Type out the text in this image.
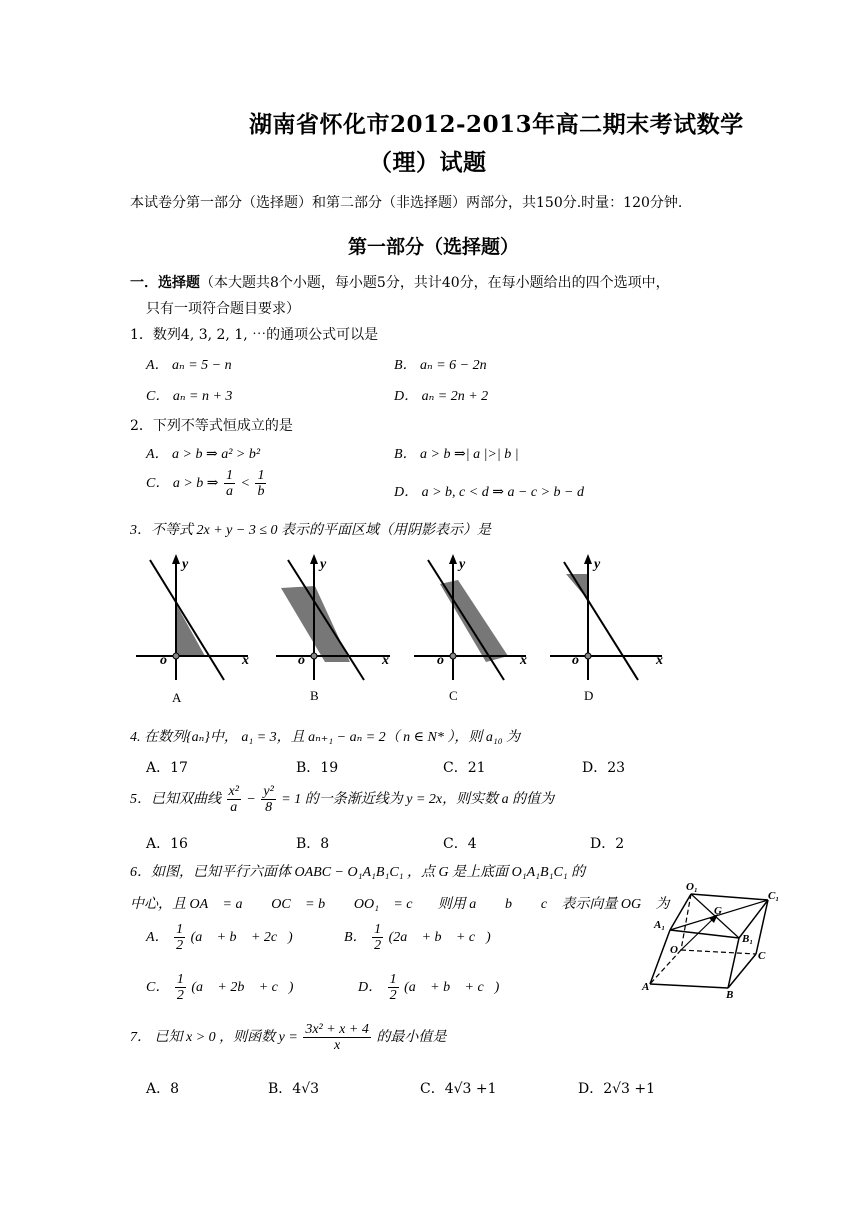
湖南省怀化市2012-2013年高二期末考试数学
（理）试题
本试卷分第一部分（选择题）和第二部分（非选择题）两部分，共150分.时量：120分钟.
第一部分（选择题）
一．选择题（本大题共8个小题，每小题5分，共计40分，在每小题给出的四个选项中，
只有一项符合题目要求）
1．数列4, 3, 2, 1, ⋯的通项公式可以是
A． aₙ = 5 − n	B． aₙ = 6 − 2n
C． aₙ = n + 3	D． aₙ = 2n + 2
2．下列不等式恒成立的是
A． a > b ⇒ a² > b²	B． a > b ⇒| a |>| b |
C． a > b ⇒ $\frac{1}{a} < \frac{1}{b}$	D． a > b, c < d ⇒ a − c > b − d
3．不等式 2x + y − 3 ≤ 0 表示的平面区域（用阴影表示）是
y
x
o
A
y
x
o
B
y
x
o
C
y
x
o
D
4. 在数列{aₙ}中， a₁ = 3，且 aₙ₊₁ − aₙ = 2（ n ∈ N* ），则 a₁₀ 为
A．17	B．19	C．21	D．23
5．已知双曲线 $\frac{\text{x²}}{a} - \frac{\text{y²}}{8} = 1$ 的一条渐近线为 y = 2x，则实数 a 的值为
A．16	B．8	C．4	D．2
6．如图，已知平行六面体 OABC − O₁A₁B₁C₁ ，点 G 是上底面 O₁A₁B₁C₁ 的
中心，且 OA⃗ = a⃗ ， OC⃗ = b⃗ ， OO₁⃗ = c⃗ ，则用 a⃗ ， b⃗ ， c⃗ 表示向量 OG⃗ 为
A． $\frac{1}{2}$ (a⃗ + b⃗ + 2c⃗)	B． $\frac{1}{2}$ (2a⃗ + b⃗ + c⃗)
C． $\frac{1}{2}$ (a⃗ + 2b⃗ + c⃗)	D． $\frac{1}{2}$ (a⃗ + b⃗ + c⃗)
O₁
C₁
A₁
G
B₁
O	C
A
B
7． 已知 x > 0 ，则函数 $y = \frac{\text{3x² + x + 4}}{x}$ 的最小值是
A．8	B．4√3	C．4√3 +1	D．2√3 +1
